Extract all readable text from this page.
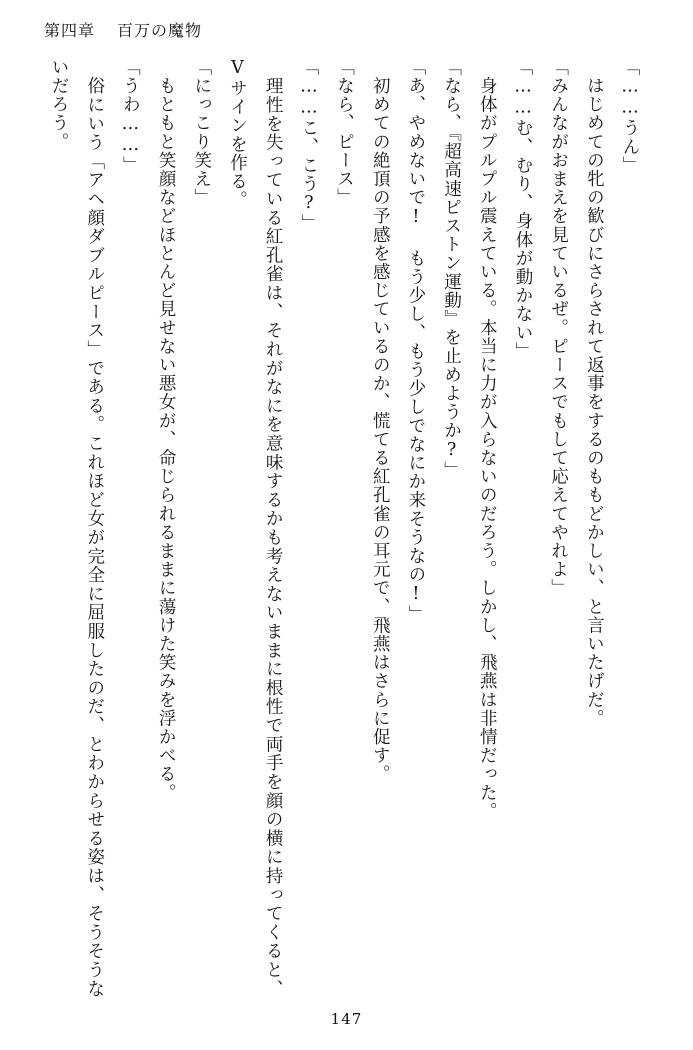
第四章 百万の魔物

「……うん」

　はじめての牝の歓びにさらされて返事をするのももどかしい、と言いたげだ。

「みんながおまえを見ているぜ。ピースでもして応えてやれよ」

「……む、むり、身体が動かない」

　身体がプルプル震えている。本当に力が入らないのだろう。しかし、飛燕は非情だった。

「なら、『超高速ピストン運動』を止めようか?」

「あ、やめないで! もう少し、もう少しでなにか来そうなの!」

　初めての絶頂の予感を感じているのか、慌てる紅孔雀の耳元で、飛燕はさらに促す。

「なら、ピース」

「……こ、こう?」

　理性を失っている紅孔雀は、それがなにを意味するかも考えないままに根性で両手を顔の横に持ってくると、Vサインを作る。

「にっこり笑え」

　もともと笑顔などほとんど見せない悪女が、命じられるままに蕩けた笑みを浮かべる。

「うわ……」

　俗にいう「アヘ顔ダブルピース」である。これほど女が完全に屈服したのだ、とわからせる姿は、そうそうないだろう。

147
